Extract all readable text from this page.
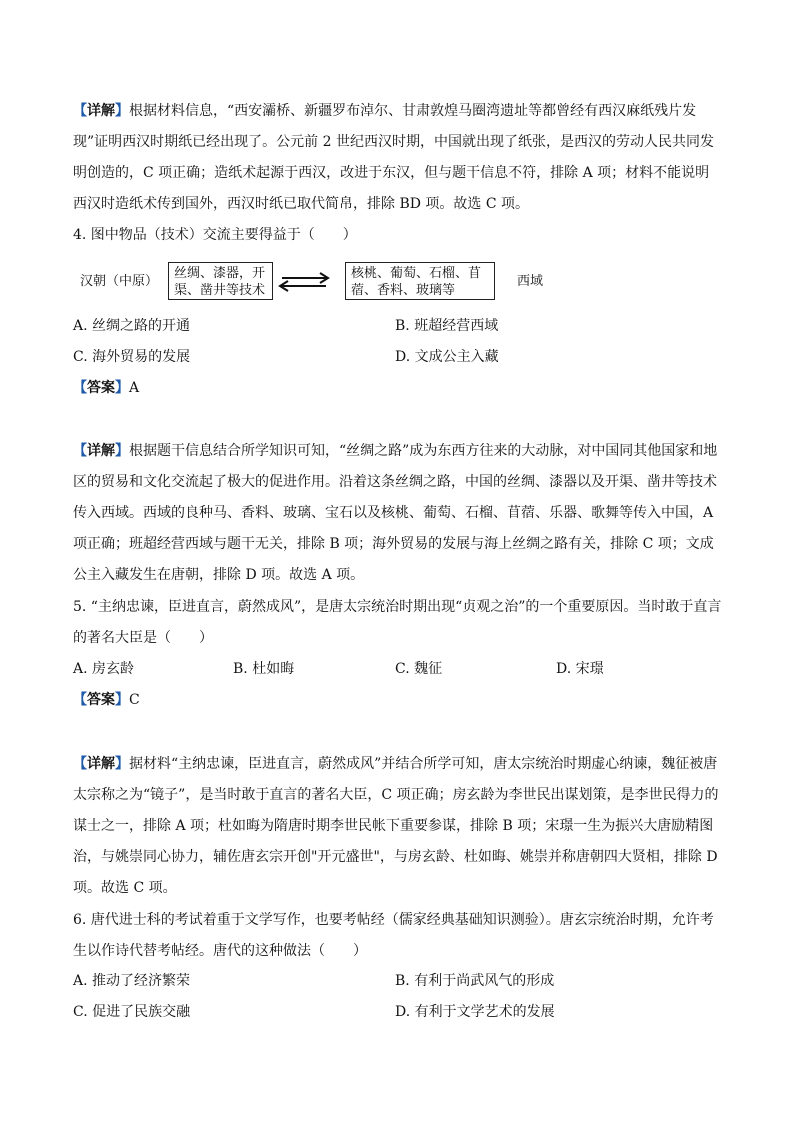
【详解】根据材料信息，“西安灞桥、新疆罗布淖尔、甘肃敦煌马圈湾遗址等都曾经有西汉麻纸残片发现”证明西汉时期纸已经出现了。公元前 2 世纪西汉时期，中国就出现了纸张，是西汉的劳动人民共同发明创造的，C 项正确；造纸术起源于西汉，改进于东汉，但与题干信息不符，排除 A 项；材料不能说明西汉时造纸术传到国外，西汉时纸已取代简帛，排除 BD 项。故选 C 项。

4. 图中物品（技术）交流主要得益于（　　）

汉朝（中原）
丝绸、漆器，开渠、凿井等技术
核桃、葡萄、石榴、苜蓿、香料、玻璃等
西域
A. 丝绸之路的开通	B. 班超经营西域
C. 海外贸易的发展	D. 文成公主入藏
【答案】A

【详解】根据题干信息结合所学知识可知，“丝绸之路”成为东西方往来的大动脉，对中国同其他国家和地区的贸易和文化交流起了极大的促进作用。沿着这条丝绸之路，中国的丝绸、漆器以及开渠、凿井等技术传入西域。西域的良种马、香料、玻璃、宝石以及核桃、葡萄、石榴、苜蓿、乐器、歌舞等传入中国，A 项正确；班超经营西域与题干无关，排除 B 项；海外贸易的发展与海上丝绸之路有关，排除 C 项；文成公主入藏发生在唐朝，排除 D 项。故选 A 项。

5. “主纳忠谏，臣进直言，蔚然成风”，是唐太宗统治时期出现“贞观之治”的一个重要原因。当时敢于直言的著名大臣是（　　）

A. 房玄龄	B. 杜如晦	C. 魏征	D. 宋璟
【答案】C

【详解】据材料“主纳忠谏，臣进直言，蔚然成风”并结合所学可知，唐太宗统治时期虚心纳谏，魏征被唐太宗称之为“镜子”，是当时敢于直言的著名大臣，C 项正确；房玄龄为李世民出谋划策，是李世民得力的谋士之一，排除 A 项；杜如晦为隋唐时期李世民帐下重要参谋，排除 B 项；宋璟一生为振兴大唐励精图治，与姚崇同心协力，辅佐唐玄宗开创"开元盛世"，与房玄龄、杜如晦、姚崇并称唐朝四大贤相，排除 D 项。故选 C 项。

6. 唐代进士科的考试着重于文学写作，也要考帖经（儒家经典基础知识测验）。唐玄宗统治时期，允许考生以作诗代替考帖经。唐代的这种做法（　　）

A. 推动了经济繁荣	B. 有利于尚武风气的形成
C. 促进了民族交融	D. 有利于文学艺术的发展
